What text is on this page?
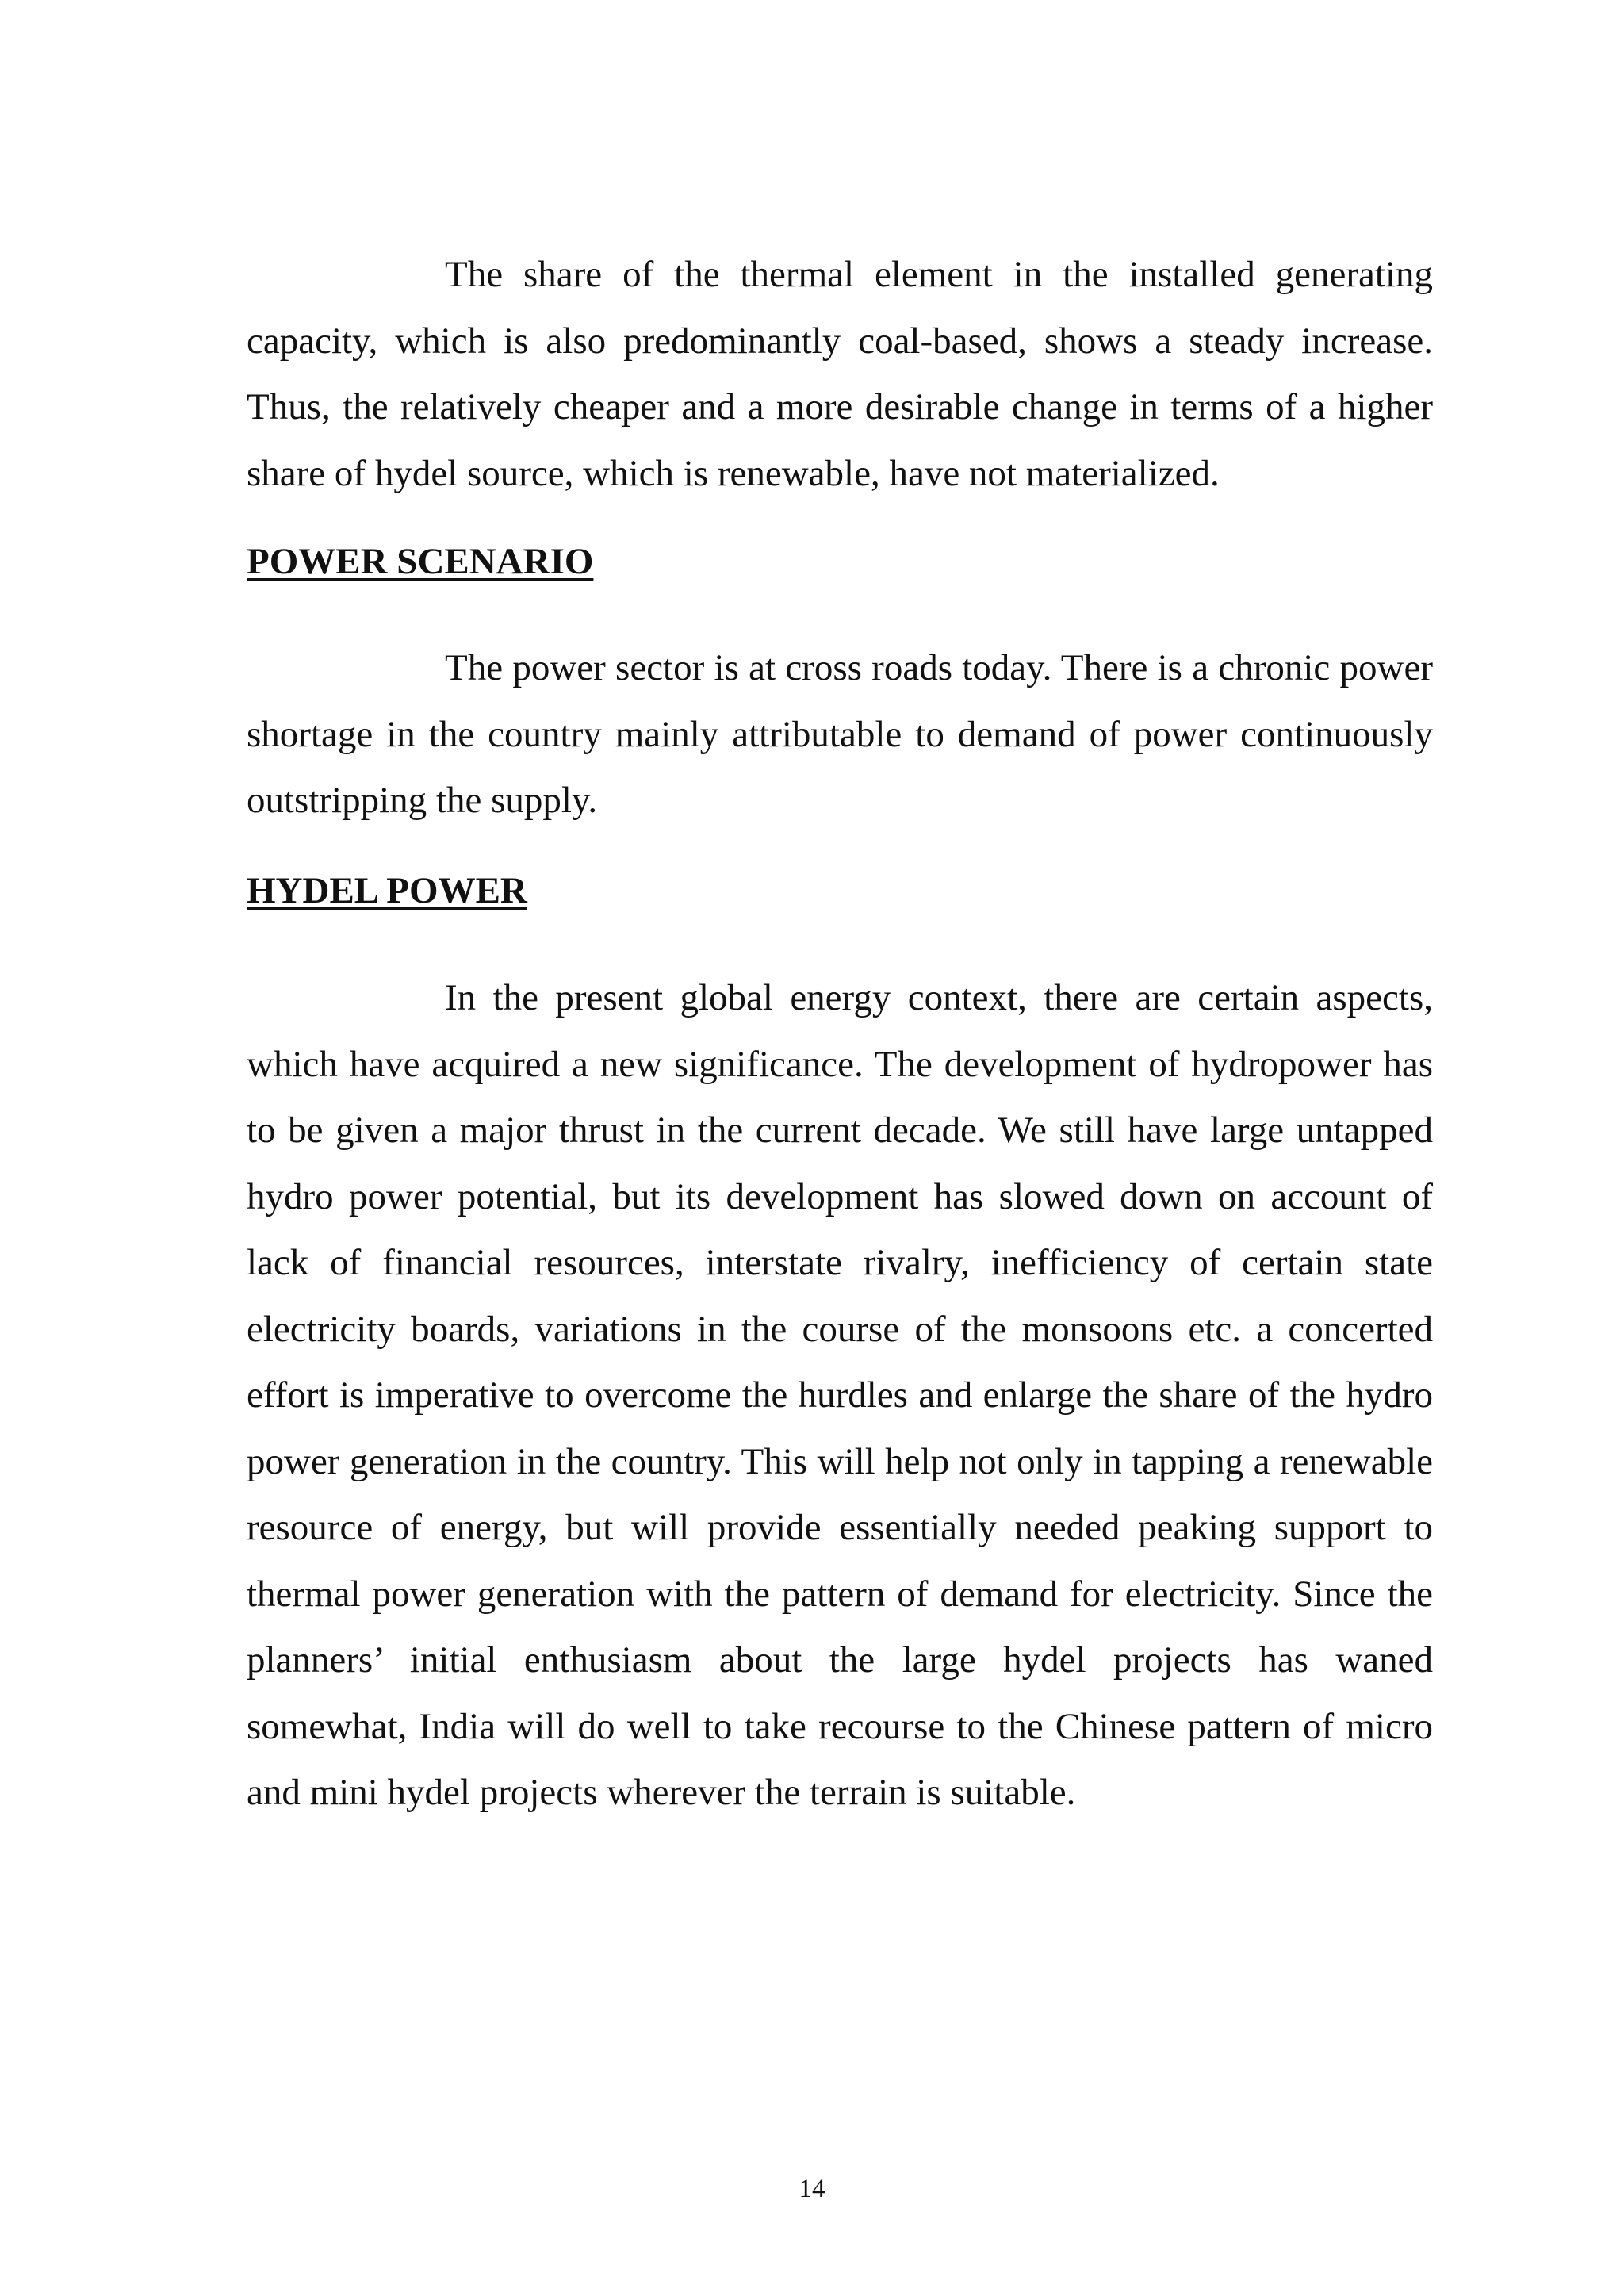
The share of the thermal element in the installed generating capacity, which is also predominantly coal-based, shows a steady increase. Thus, the relatively cheaper and a more desirable change in terms of a higher share of hydel source, which is renewable, have not materialized.

POWER SCENARIO

The power sector is at cross roads today. There is a chronic power shortage in the country mainly attributable to demand of power continuously outstripping the supply.

HYDEL POWER

In the present global energy context, there are certain aspects, which have acquired a new significance. The development of hydropower has to be given a major thrust in the current decade. We still have large untapped hydro power potential, but its development has slowed down on account of lack of financial resources, interstate rivalry, inefficiency of certain state electricity boards, variations in the course of the monsoons etc. a concerted effort is imperative to overcome the hurdles and enlarge the share of the hydro power generation in the country. This will help not only in tapping a renewable resource of energy, but will provide essentially needed peaking support to thermal power generation with the pattern of demand for electricity. Since the planners’ initial enthusiasm about the large hydel projects has waned somewhat, India will do well to take recourse to the Chinese pattern of micro and mini hydel projects wherever the terrain is suitable.

14
